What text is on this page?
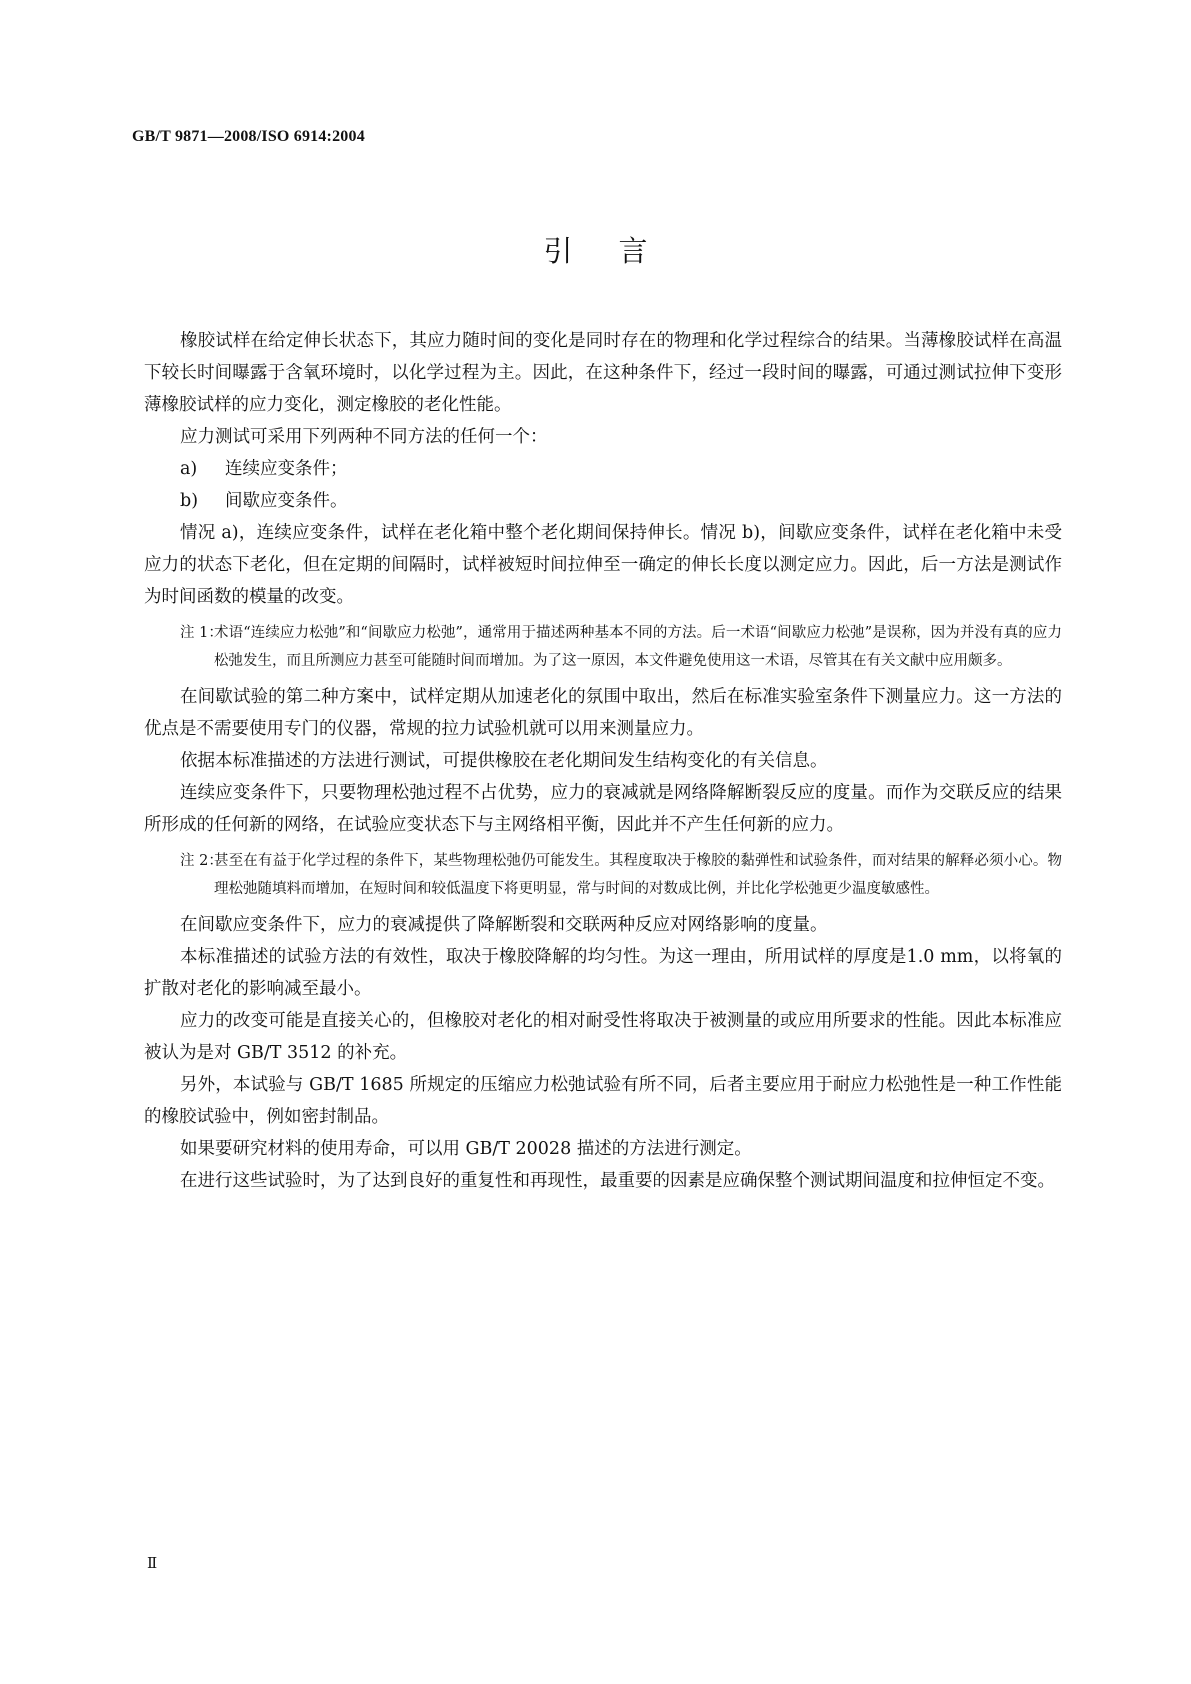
GB/T 9871—2008/ISO 6914:2004
引言

橡胶试样在给定伸长状态下，其应力随时间的变化是同时存在的物理和化学过程综合的结果。当薄橡胶试样在高温下较长时间曝露于含氧环境时，以化学过程为主。因此，在这种条件下，经过一段时间的曝露，可通过测试拉伸下变形薄橡胶试样的应力变化，测定橡胶的老化性能。

应力测试可采用下列两种不同方法的任何一个：

a) 连续应变条件；

b) 间歇应变条件。

情况 a)，连续应变条件，试样在老化箱中整个老化期间保持伸长。情况 b)，间歇应变条件，试样在老化箱中未受应力的状态下老化，但在定期的间隔时，试样被短时间拉伸至一确定的伸长长度以测定应力。因此，后一方法是测试作为时间函数的模量的改变。

注 1：
术语“连续应力松弛”和“间歇应力松弛”，通常用于描述两种基本不同的方法。后一术语“间歇应力松弛”是误称，因为并没有真的应力松弛发生，而且所测应力甚至可能随时间而增加。为了这一原因，本文件避免使用这一术语，尽管其在有关文献中应用颇多。

在间歇试验的第二种方案中，试样定期从加速老化的氛围中取出，然后在标准实验室条件下测量应力。这一方法的优点是不需要使用专门的仪器，常规的拉力试验机就可以用来测量应力。

依据本标准描述的方法进行测试，可提供橡胶在老化期间发生结构变化的有关信息。

连续应变条件下，只要物理松弛过程不占优势，应力的衰减就是网络降解断裂反应的度量。而作为交联反应的结果所形成的任何新的网络，在试验应变状态下与主网络相平衡，因此并不产生任何新的应力。

注 2：
甚至在有益于化学过程的条件下，某些物理松弛仍可能发生。其程度取决于橡胶的黏弹性和试验条件，而对结果的解释必须小心。物理松弛随填料而增加，在短时间和较低温度下将更明显，常与时间的对数成比例，并比化学松弛更少温度敏感性。

在间歇应变条件下，应力的衰减提供了降解断裂和交联两种反应对网络影响的度量。

本标准描述的试验方法的有效性，取决于橡胶降解的均匀性。为这一理由，所用试样的厚度是1.0 mm，以将氧的扩散对老化的影响减至最小。

应力的改变可能是直接关心的，但橡胶对老化的相对耐受性将取决于被测量的或应用所要求的性能。因此本标准应被认为是对 GB/T 3512 的补充。

另外，本试验与 GB/T 1685 所规定的压缩应力松弛试验有所不同，后者主要应用于耐应力松弛性是一种工作性能的橡胶试验中，例如密封制品。

如果要研究材料的使用寿命，可以用 GB/T 20028 描述的方法进行测定。

在进行这些试验时，为了达到良好的重复性和再现性，最重要的因素是应确保整个测试期间温度和拉伸恒定不变。

Ⅱ
